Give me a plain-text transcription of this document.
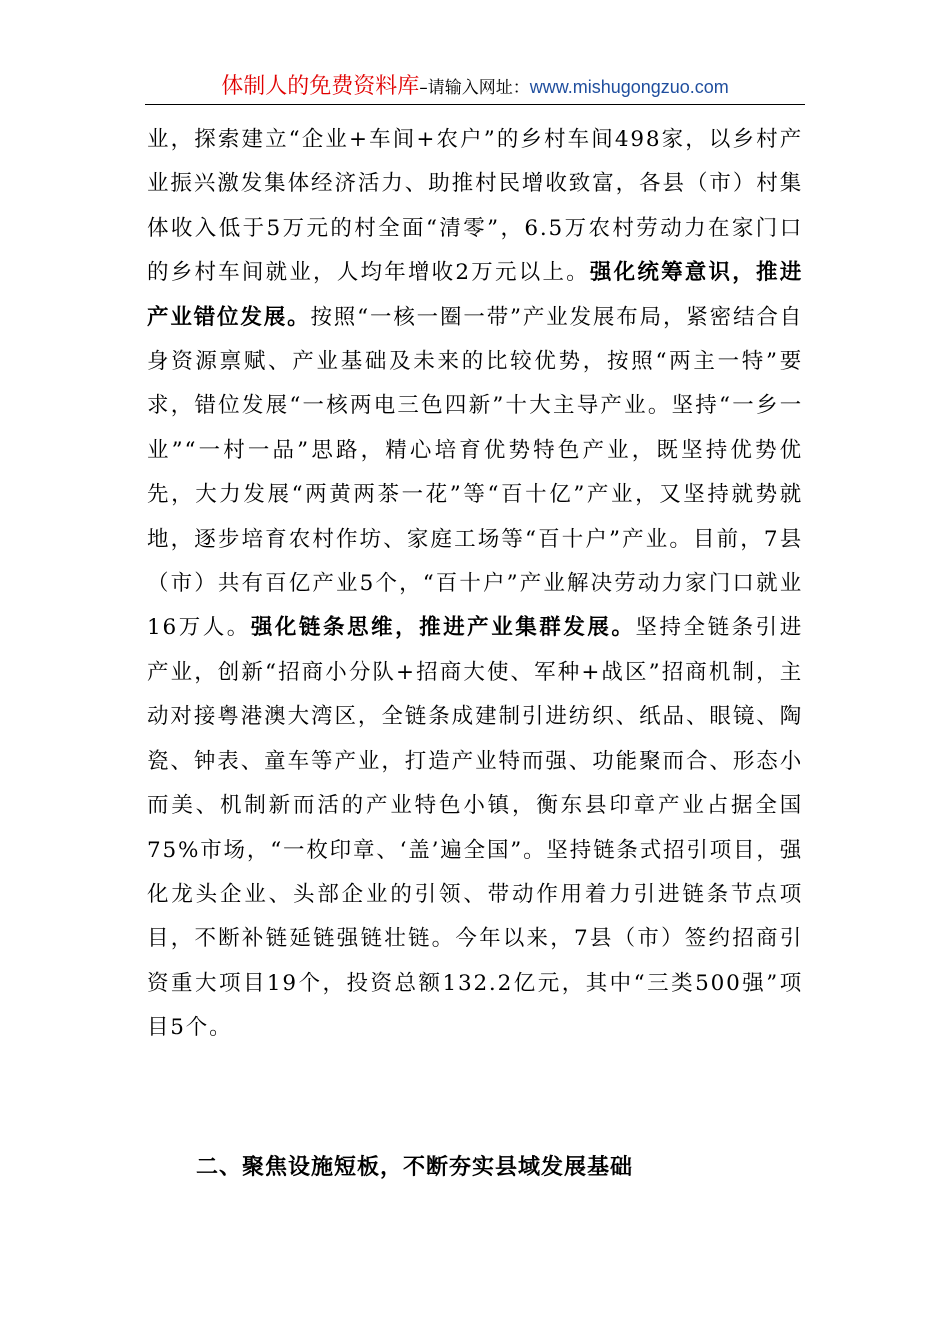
体制人的免费资料库–请输入网址：www.mishugongzuo.com

业，探索建立“企业+车间+农户”的乡村车间498家，以乡村产业振兴激发集体经济活力、助推村民增收致富，各县（市）村集体收入低于5万元的村全面“清零”，6.5万农村劳动力在家门口的乡村车间就业，人均年增收2万元以上。强化统筹意识，推进产业错位发展。按照“一核一圈一带”产业发展布局，紧密结合自身资源禀赋、产业基础及未来的比较优势，按照“两主一特”要求，错位发展“一核两电三色四新”十大主导产业。坚持“一乡一业”“一村一品”思路，精心培育优势特色产业，既坚持优势优先，大力发展“两黄两茶一花”等“百十亿”产业，又坚持就势就地，逐步培育农村作坊、家庭工场等“百十户”产业。目前，7县（市）共有百亿产业5个，“百十户”产业解决劳动力家门口就业16万人。强化链条思维，推进产业集群发展。坚持全链条引进产业，创新“招商小分队+招商大使、军种+战区”招商机制，主动对接粤港澳大湾区，全链条成建制引进纺织、纸品、眼镜、陶瓷、钟表、童车等产业，打造产业特而强、功能聚而合、形态小而美、机制新而活的产业特色小镇，衡东县印章产业占据全国75%市场，“一枚印章、‘盖’遍全国”。坚持链条式招引项目，强化龙头企业、头部企业的引领、带动作用着力引进链条节点项目，不断补链延链强链壮链。今年以来，7县（市）签约招商引资重大项目19个，投资总额132.2亿元，其中“三类500强”项目5个。

二、聚焦设施短板，不断夯实县域发展基础
